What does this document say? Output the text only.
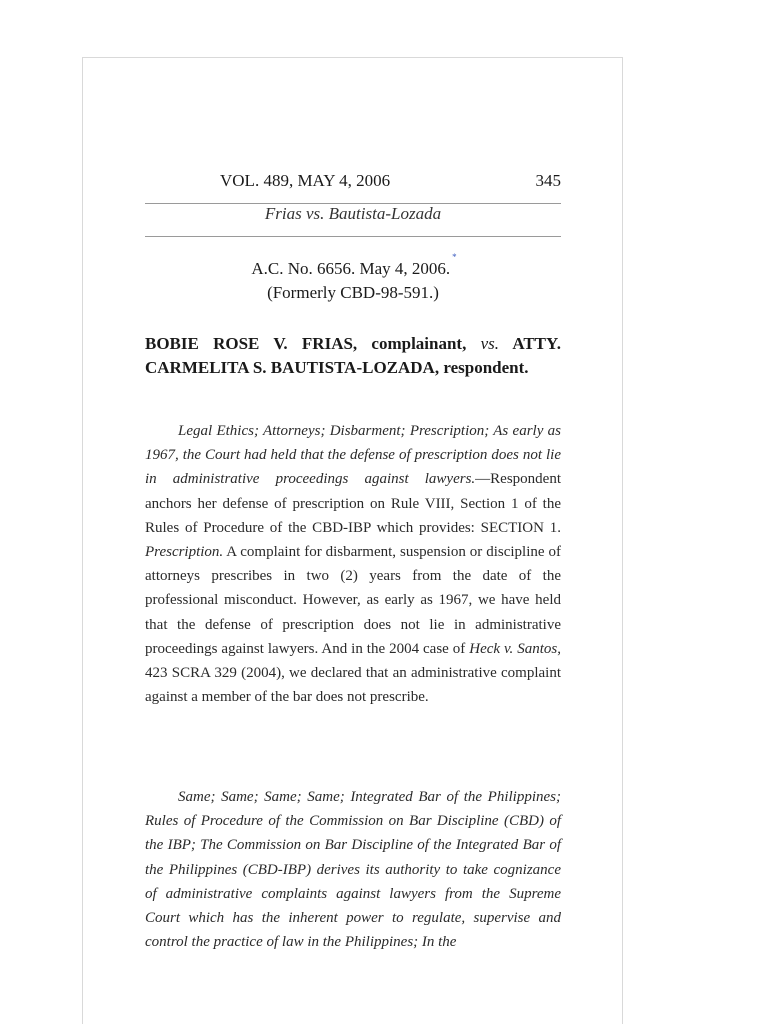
VOL. 489, MAY 4, 2006	345
Frias vs. Bautista-Lozada
A.C. No. 6656. May 4, 2006.*
(Formerly CBD-98-591.)
BOBIE ROSE V. FRIAS, complainant, vs. ATTY. CARMELITA S. BAUTISTA-LOZADA, respondent.
Legal Ethics; Attorneys; Disbarment; Prescription; As early as 1967, the Court had held that the defense of prescription does not lie in administrative proceedings against lawyers.—Respondent anchors her defense of prescription on Rule VIII, Section 1 of the Rules of Procedure of the CBD-IBP which provides: SECTION 1. Prescription. A complaint for disbarment, suspension or discipline of attorneys prescribes in two (2) years from the date of the professional misconduct. However, as early as 1967, we have held that the defense of prescription does not lie in administrative proceedings against lawyers. And in the 2004 case of Heck v. Santos, 423 SCRA 329 (2004), we declared that an administrative complaint against a member of the bar does not prescribe.
Same; Same; Same; Same; Integrated Bar of the Philippines; Rules of Procedure of the Commission on Bar Discipline (CBD) of the IBP; The Commission on Bar Discipline of the Integrated Bar of the Philippines (CBD-IBP) derives its authority to take cognizance of administrative complaints against lawyers from the Supreme Court which has the inherent power to regulate, supervise and control the practice of law in the Philippines; In the
